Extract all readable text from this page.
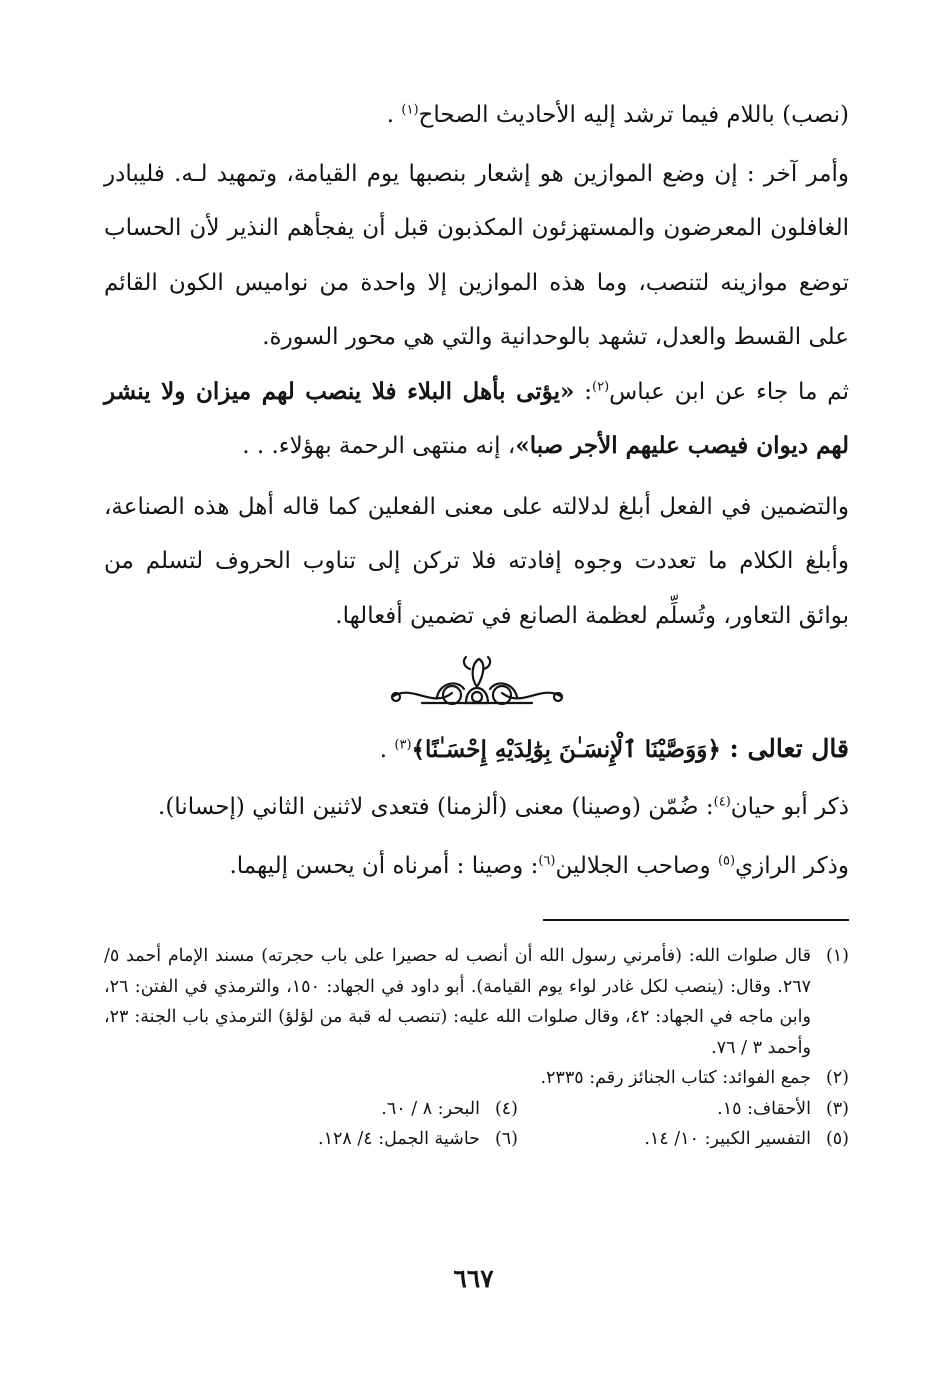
(نصب) باللام فيما ترشد إليه الأحاديث الصحاح$^{(١)}$ .

وأمر آخر : إن وضع الموازين هو إشعار بنصبها يوم القيامة، وتمهيد لـه. فليبادر الغافلون المعرضون والمستهزئون المكذبون قبل أن يفجأهم النذير لأن الحساب توضع موازينه لتنصب، وما هذه الموازين إلا واحدة من نواميس الكون القائم على القسط والعدل، تشهد بالوحدانية والتي هي محور السورة.

ثم ما جاء عن ابن عباس$^{(٢)}$: «يؤتى بأهل البلاء فلا ينصب لهم ميزان ولا ينشر لهم ديوان فيصب عليهم الأجر صبا»، إنه منتهى الرحمة بهؤلاء. . .

والتضمين في الفعل أبلغ لدلالته على معنى الفعلين كما قاله أهل هذه الصناعة، وأبلغ الكلام ما تعددت وجوه إفادته فلا تركن إلى تناوب الحروف لتسلم من بوائق التعاور، وتُسلِّم لعظمة الصانع في تضمين أفعالها.

قال تعالى : ﴿وَوَصَّيْنَا ٱلْإِنسَـٰنَ بِوَٰلِدَيْهِ إِحْسَـٰنًا﴾$^{(٣)}$ .

ذكر أبو حيان$^{(٤)}$: ضُمّن (وصينا) معنى (ألزمنا) فتعدى لاثنين الثاني (إحسانا).

وذكر الرازي$^{(٥)}$ وصاحب الجلالين$^{(٦)}$: وصينا : أمرناه أن يحسن إليهما.

(١)
قال صلوات الله: (فأمرني رسول الله أن أنصب له حصيرا على باب حجرته) مسند الإمام أحمد ٥/ ٢٦٧. وقال: (ينصب لكل غادر لواء يوم القيامة). أبو داود في الجهاد: ١٥٠، والترمذي في الفتن: ٢٦، وابن ماجه في الجهاد: ٤٢، وقال صلوات الله عليه: (تنصب له قبة من لؤلؤ) الترمذي باب الجنة: ٢٣، وأحمد ٣ / ٧٦.
(٢)
جمع الفوائد: كتاب الجنائز رقم: ٢٣٣٥.
(٣)
الأحقاف: ١٥.
(٤)
البحر: ٨ / ٦٠.
(٥)
التفسير الكبير: ١٠/ ١٤.
(٦)
حاشية الجمل: ٤/ ١٢٨.
٦٦٧
